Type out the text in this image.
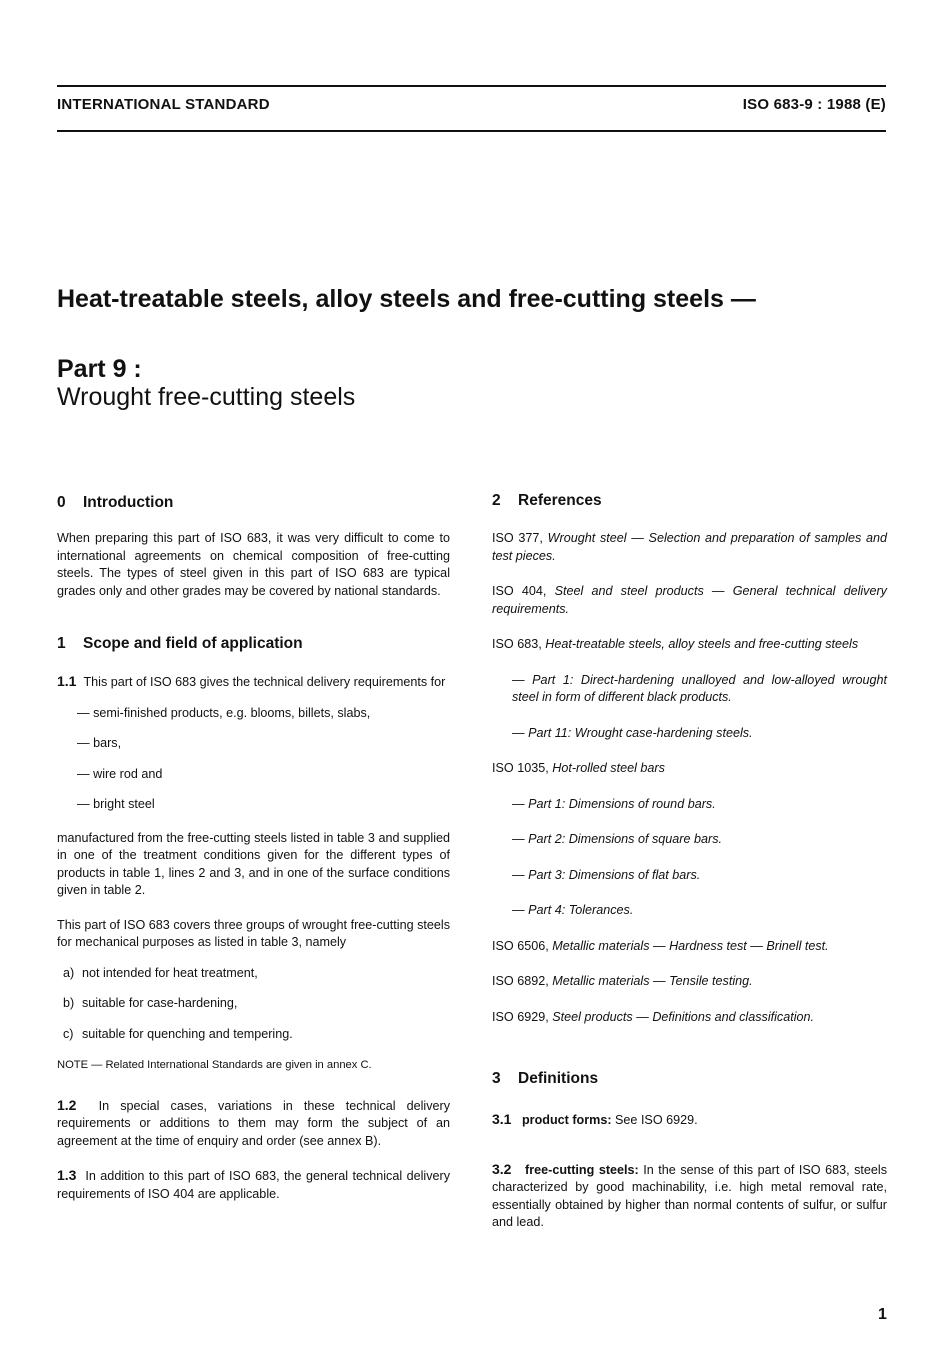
INTERNATIONAL STANDARD	ISO 683-9 : 1988 (E)
Heat-treatable steels, alloy steels and free-cutting steels —
Part 9 :
Wrought free-cutting steels
0 Introduction

When preparing this part of ISO 683, it was very difficult to come to international agreements on chemical composition of free-cutting steels. The types of steel given in this part of ISO 683 are typical grades only and other grades may be covered by national standards.

1 Scope and field of application

1.1 This part of ISO 683 gives the technical delivery requirements for

— semi-finished products, e.g. blooms, billets, slabs,

— bars,

— wire rod and

— bright steel

manufactured from the free-cutting steels listed in table 3 and supplied in one of the treatment conditions given for the different types of products in table 1, lines 2 and 3, and in one of the surface conditions given in table 2.

This part of ISO 683 covers three groups of wrought free-cutting steels for mechanical purposes as listed in table 3, namely

a) not intended for heat treatment,

b) suitable for case-hardening,

c) suitable for quenching and tempering.

NOTE — Related International Standards are given in annex C.

1.2 In special cases, variations in these technical delivery requirements or additions to them may form the subject of an agreement at the time of enquiry and order (see annex B).

1.3 In addition to this part of ISO 683, the general technical delivery requirements of ISO 404 are applicable.

2 References

ISO 377, Wrought steel — Selection and preparation of samples and test pieces.

ISO 404, Steel and steel products — General technical delivery requirements.

ISO 683, Heat-treatable steels, alloy steels and free-cutting steels

— Part 1: Direct-hardening unalloyed and low-alloyed wrought steel in form of different black products.

— Part 11: Wrought case-hardening steels.

ISO 1035, Hot-rolled steel bars

— Part 1: Dimensions of round bars.

— Part 2: Dimensions of square bars.

— Part 3: Dimensions of flat bars.

— Part 4: Tolerances.

ISO 6506, Metallic materials — Hardness test — Brinell test.

ISO 6892, Metallic materials — Tensile testing.

ISO 6929, Steel products — Definitions and classification.

3 Definitions

3.1 product forms: See ISO 6929.

3.2 free-cutting steels: In the sense of this part of ISO 683, steels characterized by good machinability, i.e. high metal removal rate, essentially obtained by higher than normal contents of sulfur, or sulfur and lead.

1
